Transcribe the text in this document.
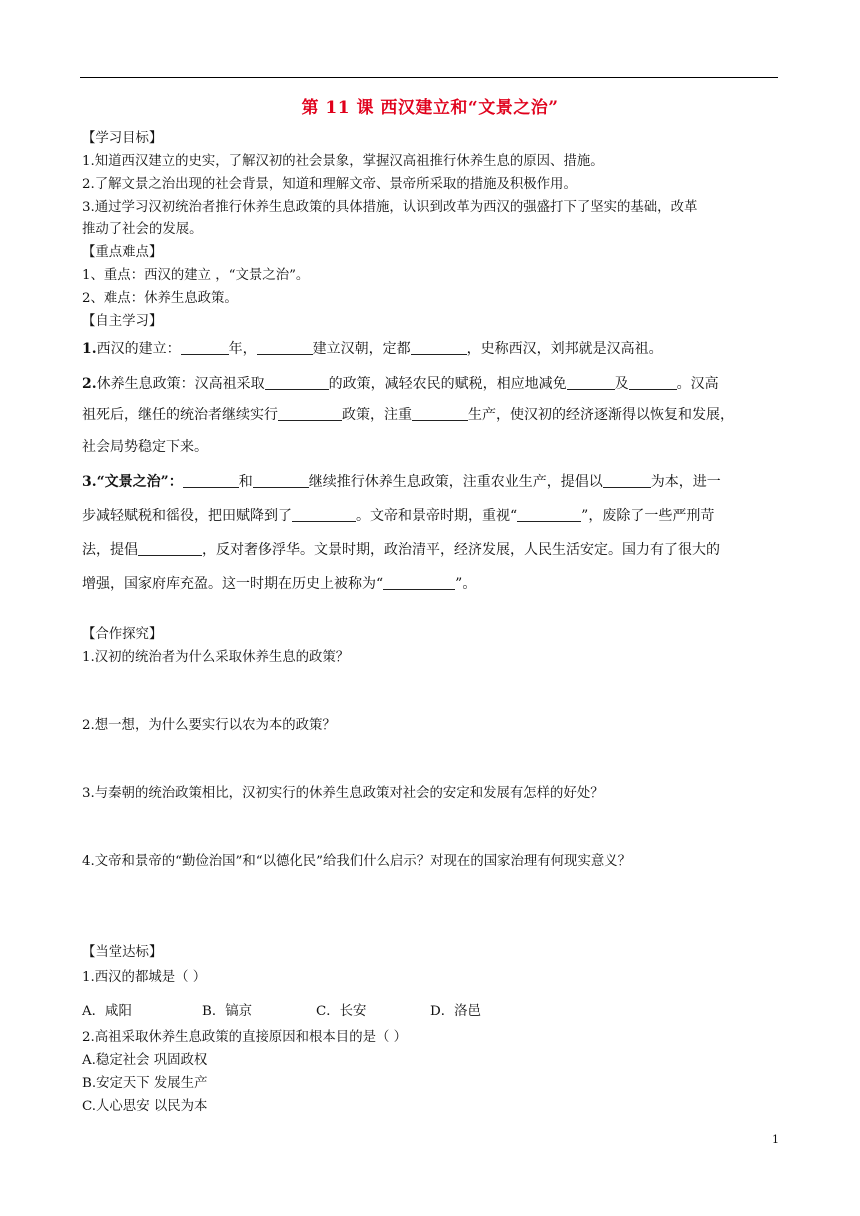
第 11 课 西汉建立和“文景之治”
【学习目标】
1.知道西汉建立的史实，了解汉初的社会景象，掌握汉高祖推行休养生息的原因、措施。
2.了解文景之治出现的社会背景，知道和理解文帝、景帝所采取的措施及积极作用。
3.通过学习汉初统治者推行休养生息政策的具体措施，认识到改革为西汉的强盛打下了坚实的基础，改革
推动了社会的发展。
【重点难点】
1、重点：西汉的建立 ，“文景之治”。
2、难点：休养生息政策。
【自主学习】
1.西汉的建立：	年，	建立汉朝，定都	，史称西汉，刘邦就是汉高祖。
2.休养生息政策：汉高祖采取	的政策，减轻农民的赋税，相应地减免	及	。汉高
祖死后，继任的统治者继续实行	政策，注重	生产，使汉初的经济逐渐得以恢复和发展，
社会局势稳定下来。
3.“文景之治”：	和	继续推行休养生息政策，注重农业生产，提倡以	为本，进一
步减轻赋税和徭役，把田赋降到了	。文帝和景帝时期，重视“	”，废除了一些严刑苛
法，提倡	，反对奢侈浮华。文景时期，政治清平，经济发展，人民生活安定。国力有了很大的
增强，国家府库充盈。这一时期在历史上被称为“	”。
【合作探究】
1.汉初的统治者为什么采取休养生息的政策？
2.想一想，为什么要实行以农为本的政策？
3.与秦朝的统治政策相比，汉初实行的休养生息政策对社会的安定和发展有怎样的好处？
4.文帝和景帝的“勤俭治国”和“以德化民”给我们什么启示？对现在的国家治理有何现实意义？
【当堂达标】
1.西汉的都城是（ ）
A．咸阳	B．镐京	C．长安	D．洛邑
2.高祖采取休养生息政策的直接原因和根本目的是（ ）
A.稳定社会 巩固政权
B.安定天下 发展生产
C.人心思安 以民为本
1
